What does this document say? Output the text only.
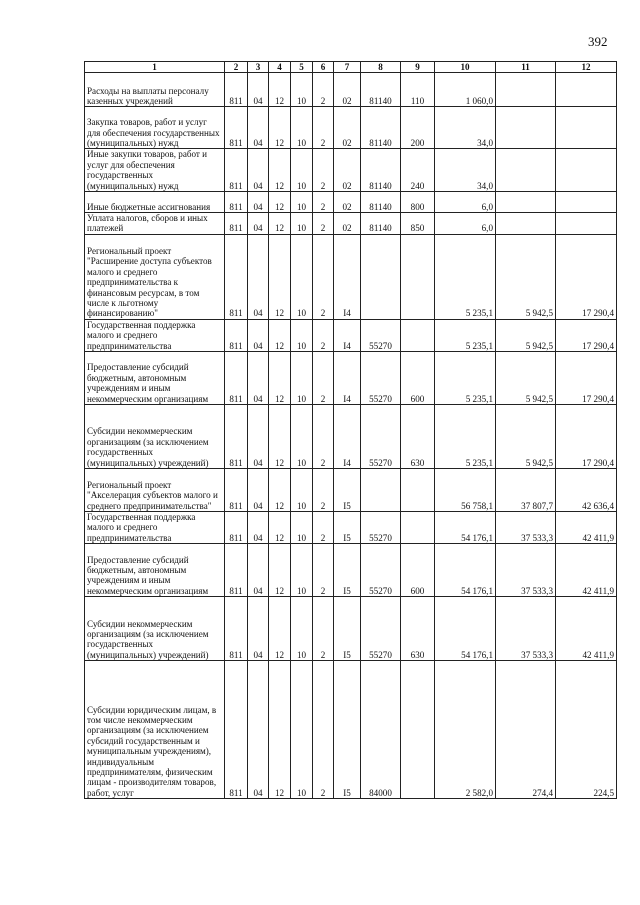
392
1	2	3	4	5	6	7	8	9	10	11	12
Расходы на выплаты персоналу казенных учреждений	811	04	12	10	2	02	81140	110	1 060,0		
Закупка товаров, работ и услуг для обеспечения государственных (муниципальных) нужд	811	04	12	10	2	02	81140	200	34,0		
Иные закупки товаров, работ и услуг для обеспечения государственных (муниципальных) нужд	811	04	12	10	2	02	81140	240	34,0		
Иные бюджетные ассигнования	811	04	12	10	2	02	81140	800	6,0		
Уплата налогов, сборов и иных платежей	811	04	12	10	2	02	81140	850	6,0		
Региональный проект "Расширение доступа субъектов малого и среднего предпринимательства к финансовым ресурсам, в том числе к льготному финансированию"	811	04	12	10	2	I4			5 235,1	5 942,5	17 290,4
Государственная поддержка малого и среднего предпринимательства	811	04	12	10	2	I4	55270		5 235,1	5 942,5	17 290,4
Предоставление субсидий бюджетным, автономным учреждениям и иным некоммерческим организациям	811	04	12	10	2	I4	55270	600	5 235,1	5 942,5	17 290,4
Субсидии некоммерческим организациям (за исключением государственных (муниципальных) учреждений)	811	04	12	10	2	I4	55270	630	5 235,1	5 942,5	17 290,4
Региональный проект "Акселерация субъектов малого и среднего предпринимательства"	811	04	12	10	2	I5			56 758,1	37 807,7	42 636,4
Государственная поддержка малого и среднего предпринимательства	811	04	12	10	2	I5	55270		54 176,1	37 533,3	42 411,9
Предоставление субсидий бюджетным, автономным учреждениям и иным некоммерческим организациям	811	04	12	10	2	I5	55270	600	54 176,1	37 533,3	42 411,9
Субсидии некоммерческим организациям (за исключением государственных (муниципальных) учреждений)	811	04	12	10	2	I5	55270	630	54 176,1	37 533,3	42 411,9
Субсидии юридическим лицам, в том числе некоммерческим организациям (за исключением субсидий государственным и муниципальным учреждениям), индивидуальным предпринимателям, физическим лицам - производителям товаров, работ, услуг	811	04	12	10	2	I5	84000		2 582,0	274,4	224,5
